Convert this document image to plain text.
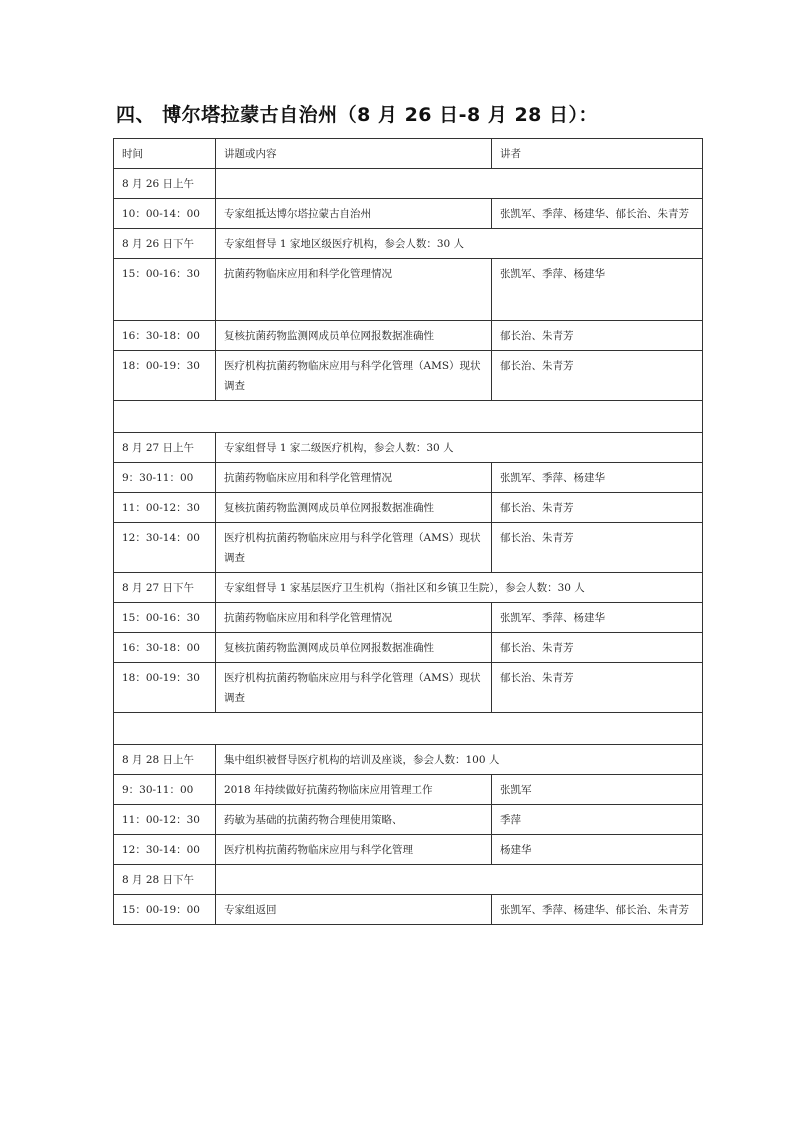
四、 博尔塔拉蒙古自治州（8 月 26 日-8 月 28 日）：
时间	讲题或内容	讲者
8 月 26 日上午		
10：00-14：00	专家组抵达博尔塔拉蒙古自治州	张凯军、季萍、杨建华、郁长治、朱青芳
8 月 26 日下午	专家组督导 1 家地区级医疗机构，参会人数：30 人	
15：00-16：30	抗菌药物临床应用和科学化管理情况	张凯军、季萍、杨建华
16：30-18：00	复核抗菌药物监测网成员单位网报数据准确性	郁长治、朱青芳
18：00-19：30	医疗机构抗菌药物临床应用与科学化管理（AMS）现状调查	郁长治、朱青芳

8 月 27 日上午	专家组督导 1 家二级医疗机构，参会人数：30 人	
9：30-11：00	抗菌药物临床应用和科学化管理情况	张凯军、季萍、杨建华
11：00-12：30	复核抗菌药物监测网成员单位网报数据准确性	郁长治、朱青芳
12：30-14：00	医疗机构抗菌药物临床应用与科学化管理（AMS）现状调查	郁长治、朱青芳
8 月 27 日下午	专家组督导 1 家基层医疗卫生机构（指社区和乡镇卫生院），参会人数：30 人	
15：00-16：30	抗菌药物临床应用和科学化管理情况	张凯军、季萍、杨建华
16：30-18：00	复核抗菌药物监测网成员单位网报数据准确性	郁长治、朱青芳
18：00-19：30	医疗机构抗菌药物临床应用与科学化管理（AMS）现状调查	郁长治、朱青芳

8 月 28 日上午	集中组织被督导医疗机构的培训及座谈，参会人数：100 人	
9：30-11：00	2018 年持续做好抗菌药物临床应用管理工作	张凯军
11：00-12：30	药敏为基础的抗菌药物合理使用策略、	季萍
12：30-14：00	医疗机构抗菌药物临床应用与科学化管理	杨建华
8 月 28 日下午		
15：00-19：00	专家组返回	张凯军、季萍、杨建华、郁长治、朱青芳
